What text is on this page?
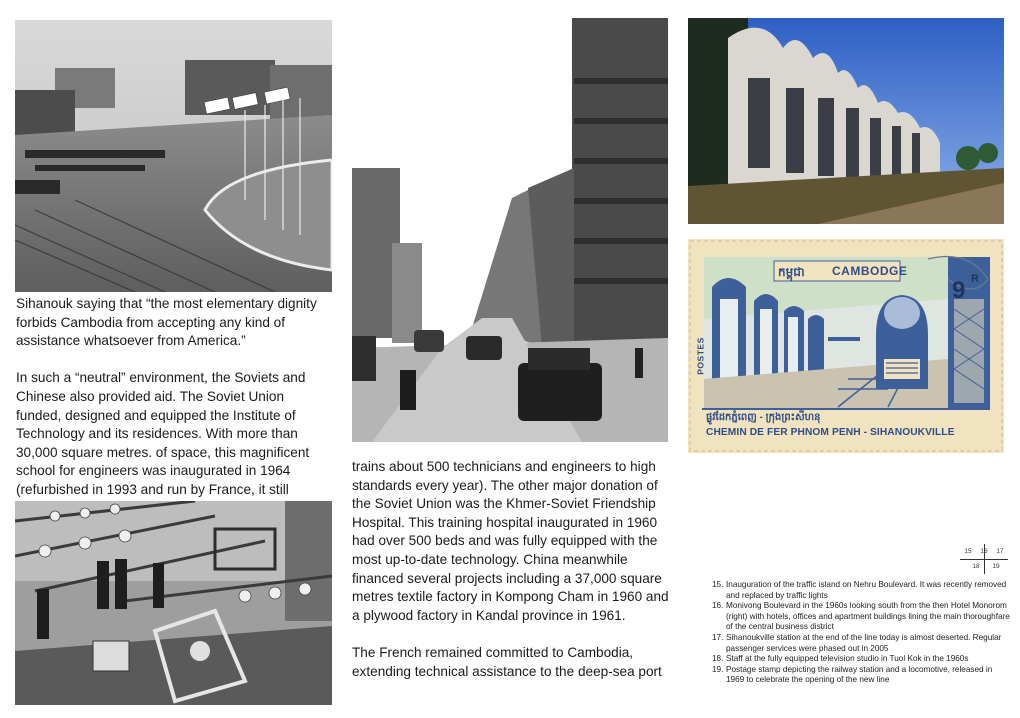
កម្ពុជា CAMBODGE
9 R
POSTES
ផ្លូវដែកភ្នំពេញ - ក្រុងព្រះសីហនុ
CHEMIN DE FER PHNOM PENH - SIHANOUKVILLE

Sihanouk saying that “the most elementary dignity forbids Cambodia from accepting any kind of assistance whatsoever from America.”

In such a “neutral” environment, the Soviets and
Chinese also provided aid. The Soviet Union
funded, designed and equipped the Institute of
Technology and its residences. With more than
30,000 square metres. of space, this magnificent
school for engineers was inaugurated in 1964
(refurbished in 1993 and run by France, it still

trains about 500 technicians and engineers to high standards every year). The other major donation of the Soviet Union was the Khmer-Soviet Friendship Hospital. This training hospital inaugurated in 1960 had over 500 beds and was fully equipped with the most up-to-date technology. China meanwhile financed several projects including a 37,000 square metres textile factory in Kompong Cham in 1960 and a plywood factory in Kandal province in 1961.

The French remained committed to Cambodia, extending technical assistance to the deep-sea port

15	16	17
18	19
15. Inauguration of the traffic island on Nehru Boulevard. It was recently removed and replaced by traffic lights
16. Monivong Boulevard in the 1960s looking south from the then Hotel Monorom (right) with hotels, offices and apartment buildings lining the main thoroughfare of the central business district
17. Sihanoukville station at the end of the line today is almost deserted. Regular passenger services were phased out in 2005
18. Staff at the fully equipped television studio in Tuol Kok in the 1960s
19. Postage stamp depicting the railway station and a locomotive, released in 1969 to celebrate the opening of the new line
